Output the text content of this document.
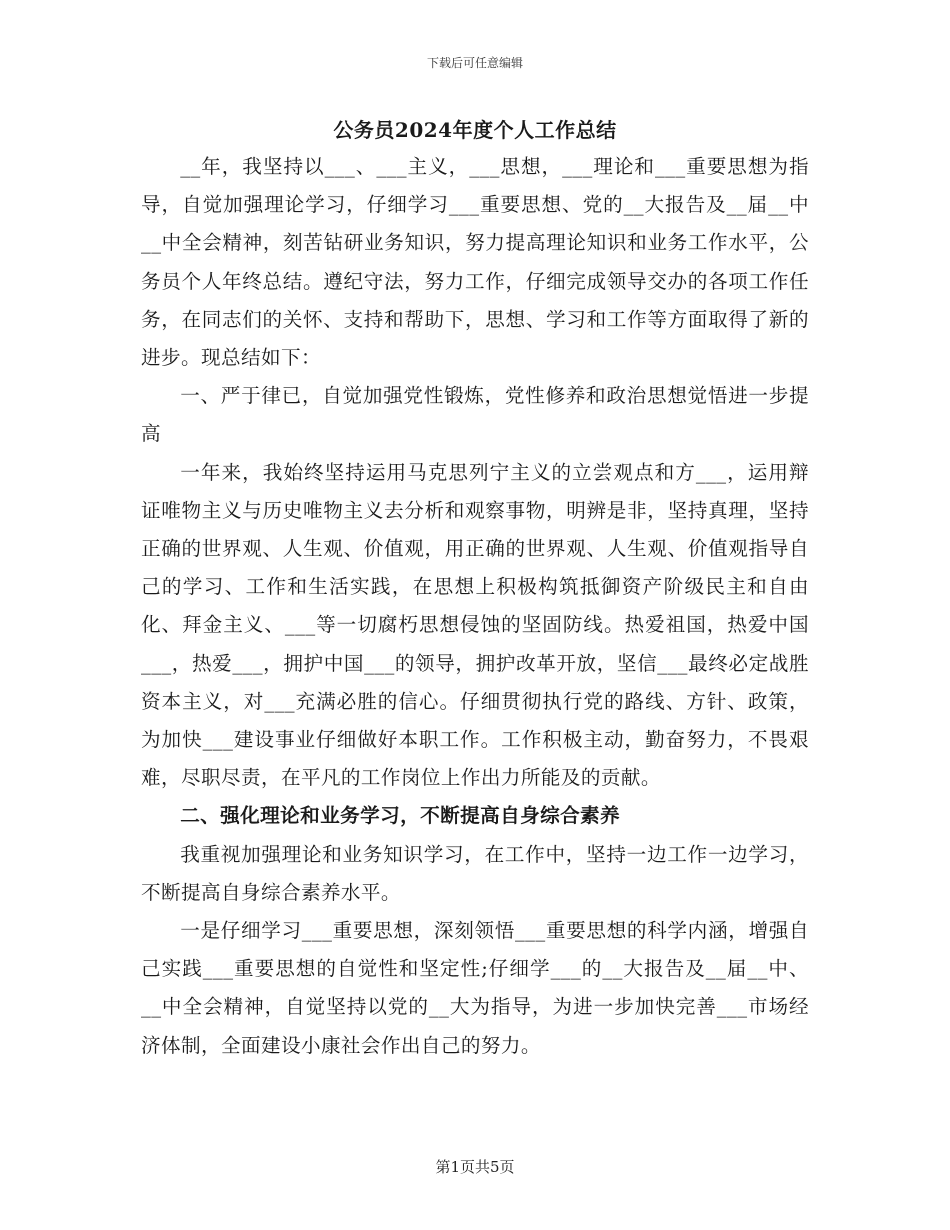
下载后可任意编辑
公务员2024年度个人工作总结

__年，我坚持以___、___主义，___思想，___理论和___重要思想为指导，自觉加强理论学习，仔细学习___重要思想、党的__大报告及__届__中__中全会精神，刻苦钻研业务知识，努力提高理论知识和业务工作水平，公务员个人年终总结。遵纪守法，努力工作，仔细完成领导交办的各项工作任务，在同志们的关怀、支持和帮助下，思想、学习和工作等方面取得了新的进步。现总结如下：

一、严于律已，自觉加强党性锻炼，党性修养和政治思想觉悟进一步提高

一年来，我始终坚持运用马克思列宁主义的立尝观点和方___，运用辩证唯物主义与历史唯物主义去分析和观察事物，明辨是非，坚持真理，坚持正确的世界观、人生观、价值观，用正确的世界观、人生观、价值观指导自己的学习、工作和生活实践，在思想上积极构筑抵御资产阶级民主和自由化、拜金主义、___等一切腐朽思想侵蚀的坚固防线。热爱祖国，热爱中国___，热爱___，拥护中国___的领导，拥护改革开放，坚信___最终必定战胜资本主义，对___充满必胜的信心。仔细贯彻执行党的路线、方针、政策，为加快___建设事业仔细做好本职工作。工作积极主动，勤奋努力，不畏艰难，尽职尽责，在平凡的工作岗位上作出力所能及的贡献。

二、强化理论和业务学习，不断提高自身综合素养

我重视加强理论和业务知识学习，在工作中，坚持一边工作一边学习，不断提高自身综合素养水平。

一是仔细学习___重要思想，深刻领悟___重要思想的科学内涵，增强自己实践___重要思想的自觉性和坚定性;仔细学___的__大报告及__届__中、__中全会精神，自觉坚持以党的__大为指导，为进一步加快完善___市场经济体制，全面建设小康社会作出自己的努力。

第1页共5页
